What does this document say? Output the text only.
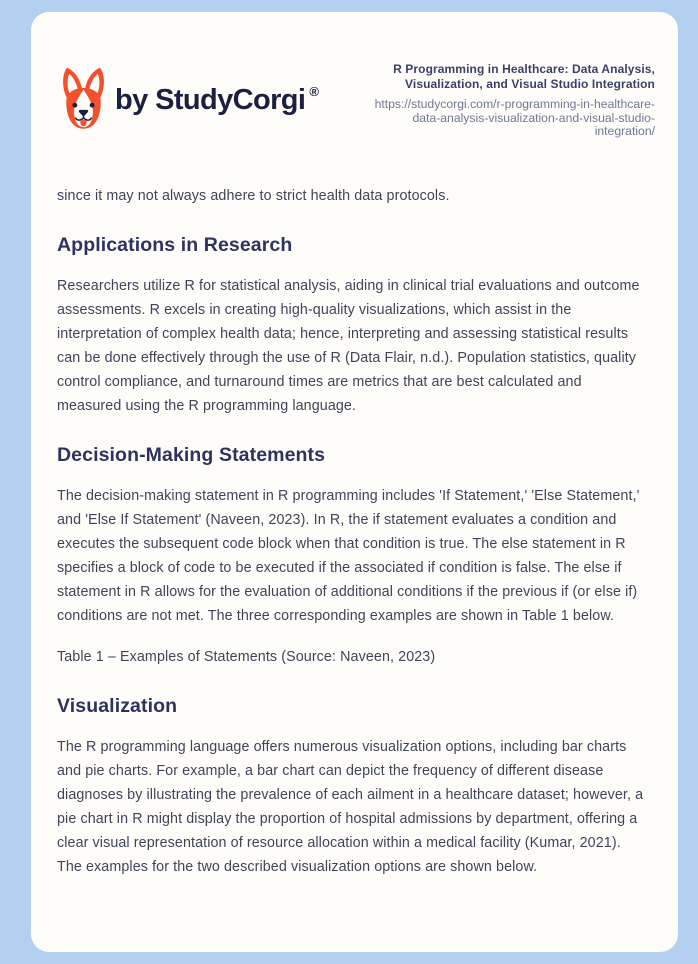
by StudyCorgi ®
R Programming in Healthcare: Data Analysis, Visualization, and Visual Studio Integration
https://studycorgi.com/r-programming-in-healthcare-data-analysis-visualization-and-visual-studio-integration/

since it may not always adhere to strict health data protocols.

Applications in Research

Researchers utilize R for statistical analysis, aiding in clinical trial evaluations and outcome assessments. R excels in creating high-quality visualizations, which assist in the interpretation of complex health data; hence, interpreting and assessing statistical results can be done effectively through the use of R (Data Flair, n.d.). Population statistics, quality control compliance, and turnaround times are metrics that are best calculated and measured using the R programming language.

Decision-Making Statements

The decision-making statement in R programming includes 'If Statement,' 'Else Statement,' and 'Else If Statement' (Naveen, 2023). In R, the if statement evaluates a condition and executes the subsequent code block when that condition is true. The else statement in R specifies a block of code to be executed if the associated if condition is false. The else if statement in R allows for the evaluation of additional conditions if the previous if (or else if) conditions are not met. The three corresponding examples are shown in Table 1 below.

Table 1 – Examples of Statements (Source: Naveen, 2023)

Visualization

The R programming language offers numerous visualization options, including bar charts and pie charts. For example, a bar chart can depict the frequency of different disease diagnoses by illustrating the prevalence of each ailment in a healthcare dataset; however, a pie chart in R might display the proportion of hospital admissions by department, offering a clear visual representation of resource allocation within a medical facility (Kumar, 2021). The examples for the two described visualization options are shown below.
